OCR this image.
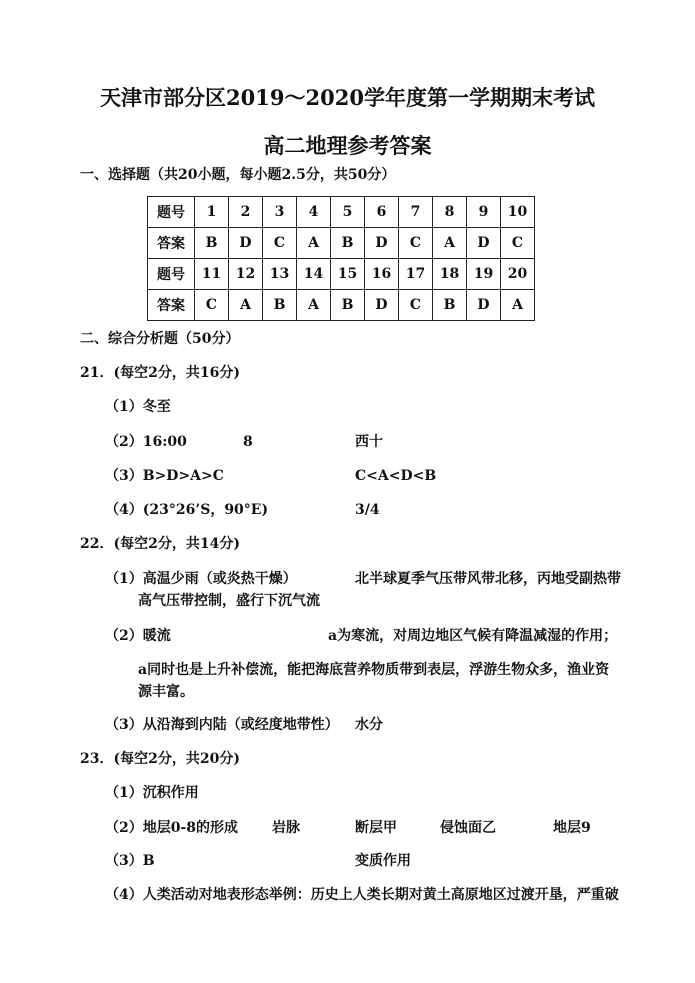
天津市部分区2019～2020学年度第一学期期末考试
高二地理参考答案
一、选择题（共20小题，每小题2.5分，共50分）
题号	1	2	3	4	5	6	7	8	9	10
答案	B	D	C	A	B	D	C	A	D	C
题号	11	12	13	14	15	16	17	18	19	20
答案	C	A	B	A	B	D	C	B	D	A
二、综合分析题（50分）
21．(每空2分，共16分)
（1）冬至
（2）16:00	8	西十
（3）B>D>A>C	C<A<D<B
（4）(23°26’S，90°E)	3/4
22．(每空2分，共14分)
（1）高温少雨（或炎热干燥）	北半球夏季气压带风带北移，丙地受副热带
高气压带控制，盛行下沉气流
（2）暖流	a为寒流，对周边地区气候有降温减湿的作用；
a同时也是上升补偿流，能把海底营养物质带到表层，浮游生物众多，渔业资
源丰富。
（3）从沿海到内陆（或经度地带性） 水分
23．(每空2分，共20分)
（1）沉积作用
（2）地层0-8的形成 岩脉	断层甲	侵蚀面乙	地层9
（3）B	变质作用
（4）人类活动对地表形态举例：历史上人类长期对黄土高原地区过渡开垦，严重破
